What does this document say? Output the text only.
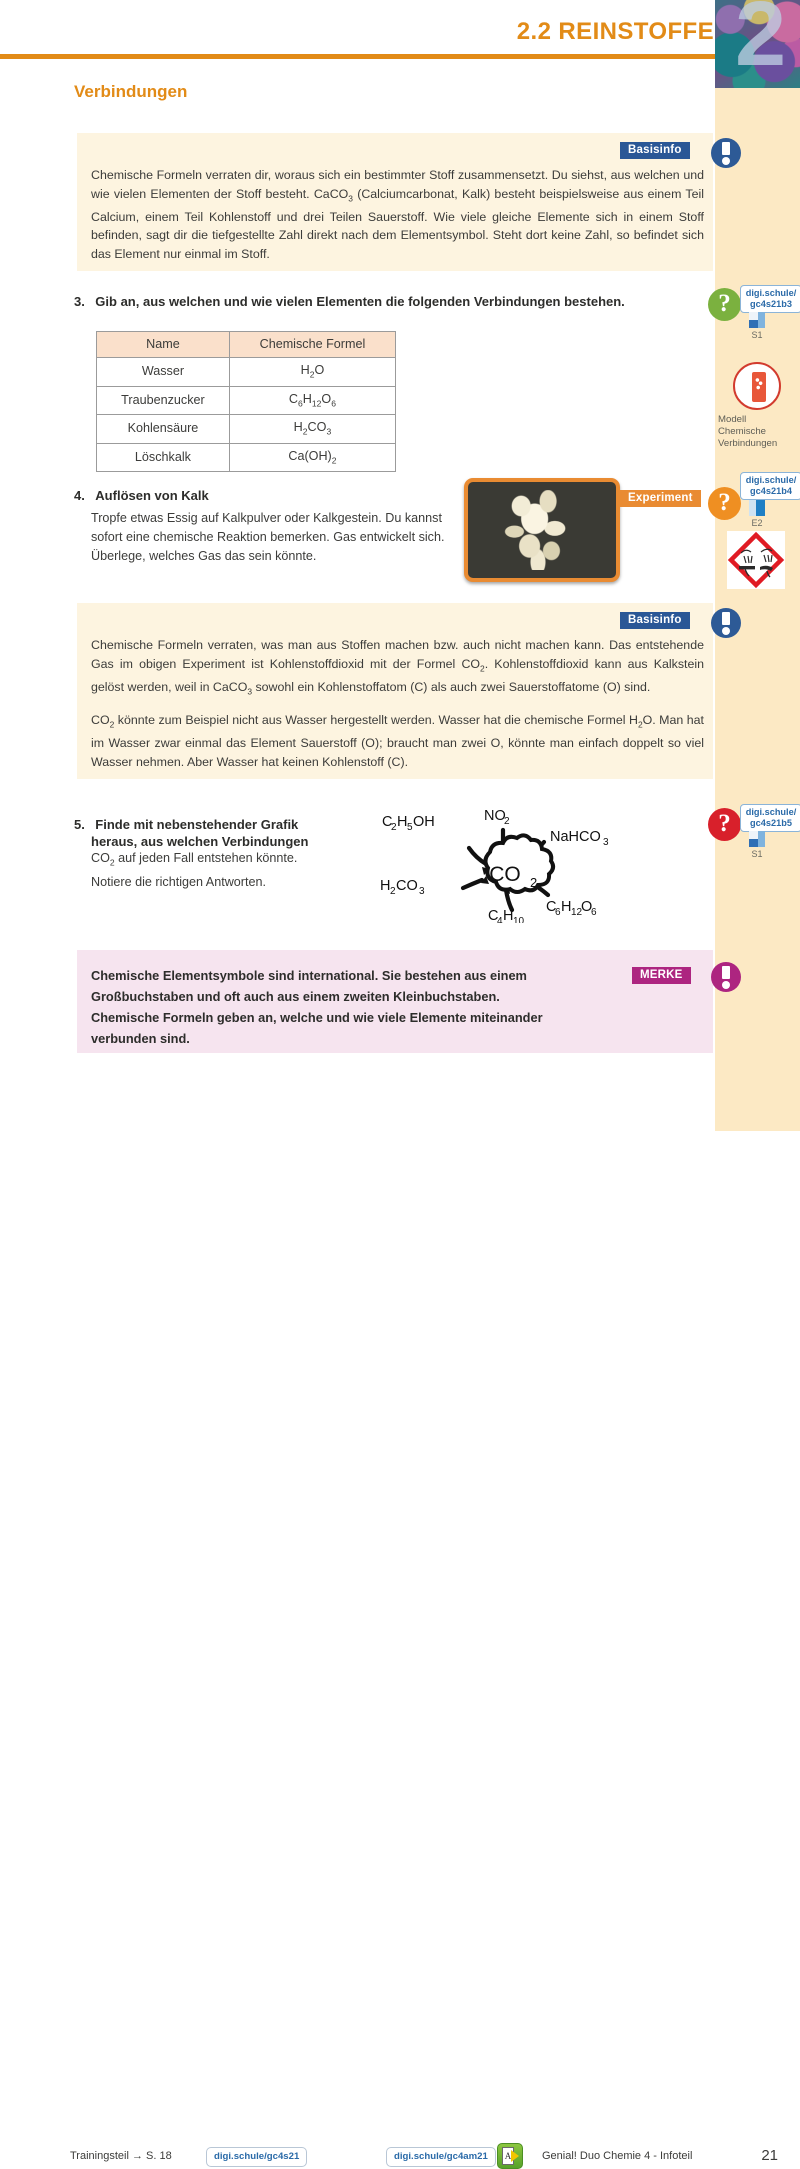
2.2 REINSTOFFE 2
Verbindungen
Basisinfo
Chemische Formeln verraten dir, woraus sich ein bestimmter Stoff zusammensetzt. Du siehst, aus welchen und wie vielen Elementen der Stoff besteht. CaCO$_3$ (Calciumcarbonat, Kalk) besteht beispielsweise aus einem Teil Calcium, einem Teil Kohlenstoff und drei Teilen Sauerstoff. Wie viele gleiche Elemente sich in einem Stoff befinden, sagt dir die tiefgestellte Zahl direkt nach dem Elementsymbol. Steht dort keine Zahl, so befindet sich das Element nur einmal im Stoff.
3. Gib an, aus welchen und wie vielen Elementen die folgenden Verbindungen bestehen.
Name	Chemische Formel
Wasser	$H_2O$
Traubenzucker	$C_6H_{12}O_6$
Kohlensäure	$H_2CO_3$
Löschkalk	$Ca(OH)_2$
4. Auflösen von Kalk
Tropfe etwas Essig auf Kalkpulver oder Kalkgestein. Du kannst sofort eine chemische Reaktion bemerken. Gas entwickelt sich. Überlege, welches Gas das sein könnte.
Experiment
Basisinfo
Chemische Formeln verraten, was man aus Stoffen machen bzw. auch nicht machen kann. Das entstehende Gas im obigen Experiment ist Kohlenstoffdioxid mit der Formel $CO_2$. Kohlenstoffdioxid kann aus Kalkstein gelöst werden, weil in CaCO$_3$ sowohl ein Kohlenstoffatom (C) als auch zwei Sauerstoffatome (O) sind.
$CO_2$ könnte zum Beispiel nicht aus Wasser hergestellt werden. Wasser hat die chemische Formel $H_2O$. Man hat im Wasser zwar einmal das Element Sauerstoff (O); braucht man zwei O, könnte man einfach doppelt so viel Wasser nehmen. Aber Wasser hat keinen Kohlenstoff (C).
5. Finde mit nebenstehender Grafik
heraus, aus welchen Verbindungen
$CO_2$ auf jeden Fall entstehen könnte.
Notiere die richtigen Antworten.	CO 2
C
2 H 5 OH	NO
2
NaHCO 3
C
6 H 12
O
6
C
4 H 10
H 2 CO 3
MERKE
Chemische Elementsymbole sind international. Sie bestehen aus einem
Großbuchstaben und oft auch aus einem zweiten Kleinbuchstaben.
Chemische Formeln geben an, welche und wie viele Elemente miteinander
verbunden sind.
?	digi.schule/
gc4s21b3
S1
Modell
Chemische
Verbindungen
?
digi.schule/
gc4s21b4
E2
?	digi.schule/
gc4s21b5
S1
Trainingsteil → S. 18	digi.schule/gc4s21	digi.schule/gc4am21	A	Genial! Duo Chemie 4 - Infoteil	21
